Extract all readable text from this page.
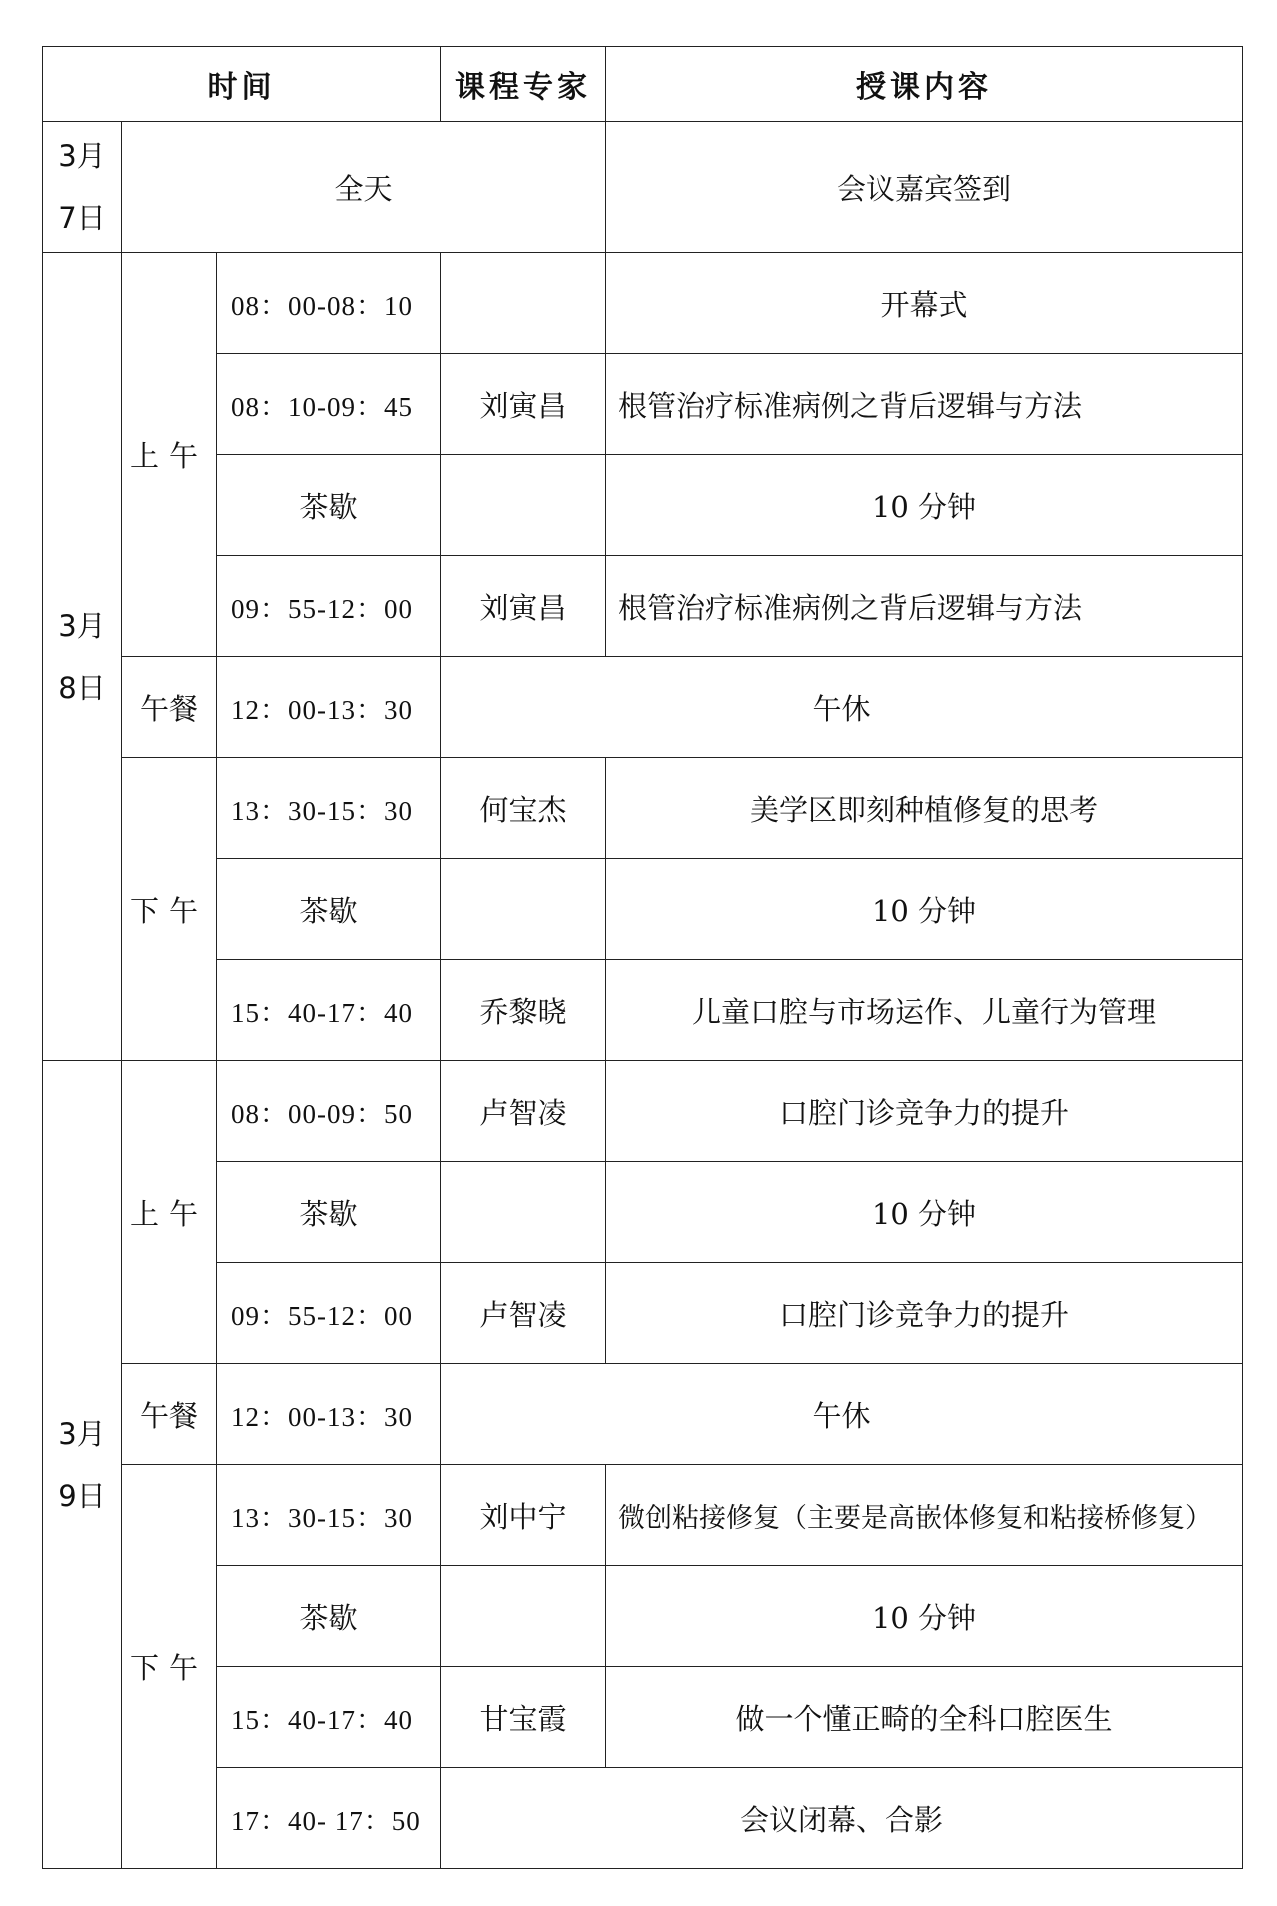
时间			课程专家	授课内容

3月
7日	全天			会议嘉宾签到

3月
8日	上午	08：00-08：10		开幕式
		08：10-09：45	刘寅昌	根管治疗标准病例之背后逻辑与方法
		茶歇		10 分钟
		09：55-12：00	刘寅昌	根管治疗标准病例之背后逻辑与方法
	午餐	12：00-13：30	午休	
	下午	13：30-15：30	何宝杰	美学区即刻种植修复的思考
		茶歇		10 分钟
		15：40-17：40	乔黎晓	儿童口腔与市场运作、儿童行为管理

3月
9日	上午	08：00-09：50	卢智凌	口腔门诊竞争力的提升
		茶歇		10 分钟
		09：55-12：00	卢智凌	口腔门诊竞争力的提升
	午餐	12：00-13：30	午休	
	下午	13：30-15：30	刘中宁	微创粘接修复（主要是高嵌体修复和粘接桥修复）
		茶歇		10 分钟
		15：40-17：40	甘宝霞	做一个懂正畸的全科口腔医生
		17：40- 17：50	会议闭幕、合影	
